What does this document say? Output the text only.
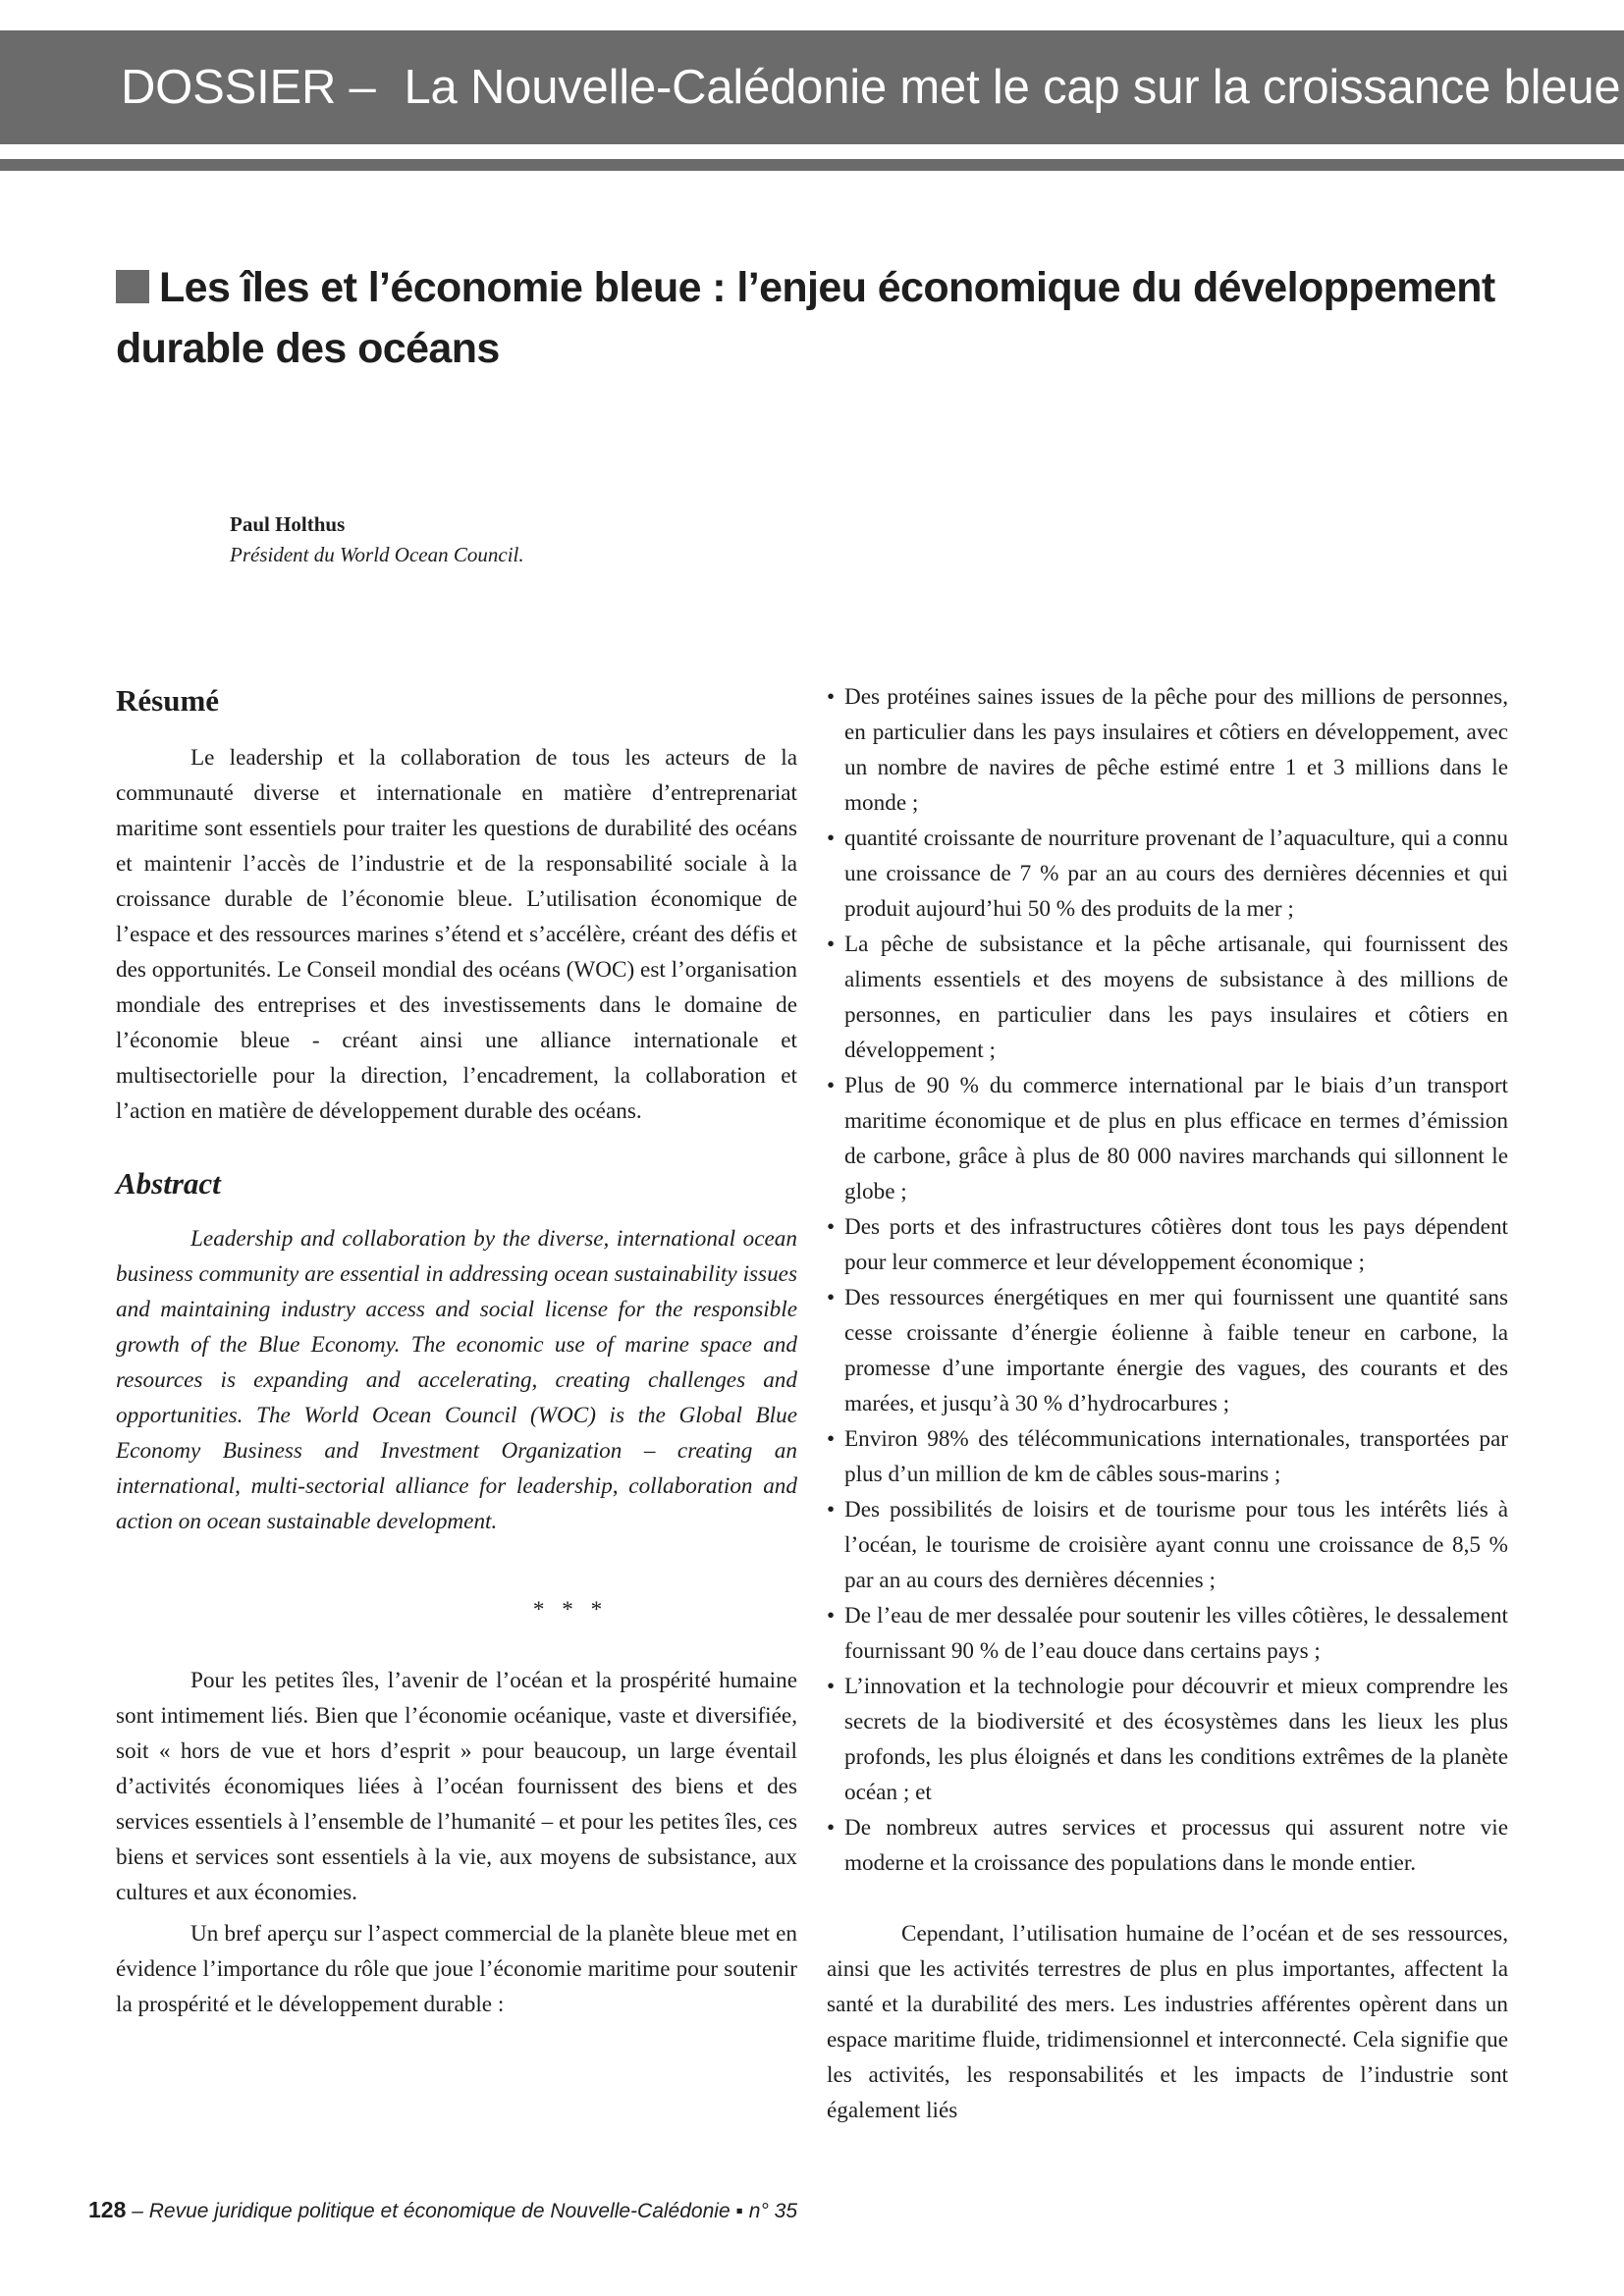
DOSSIER – La Nouvelle-Calédonie met le cap sur la croissance bleue
Les îles et l’économie bleue : l’enjeu économique du développement durable des océans

Paul Holthus

Président du World Ocean Council.

Résumé

Le leadership et la collaboration de tous les acteurs de la communauté diverse et internationale en matière d’entreprenariat maritime sont essentiels pour traiter les questions de durabilité des océans et maintenir l’accès de l’industrie et de la responsabilité sociale à la croissance durable de l’économie bleue. L’utilisation économique de l’espace et des ressources marines s’étend et s’accélère, créant des défis et des opportunités. Le Conseil mondial des océans (WOC) est l’organisation mondiale des entreprises et des investissements dans le domaine de l’économie bleue - créant ainsi une alliance internationale et multisectorielle pour la direction, l’encadrement, la collaboration et l’action en matière de développement durable des océans.

Abstract

Leadership and collaboration by the diverse, international ocean business community are essential in addressing ocean sustainability issues and maintaining industry access and social license for the responsible growth of the Blue Economy. The economic use of marine space and resources is expanding and accelerating, creating challenges and opportunities. The World Ocean Council (WOC) is the Global Blue Economy Business and Investment Organization – creating an international, multi-sectorial alliance for leadership, collaboration and action on ocean sustainable development.

* * *

Pour les petites îles, l’avenir de l’océan et la prospérité humaine sont intimement liés. Bien que l’économie océanique, vaste et diversifiée, soit « hors de vue et hors d’esprit » pour beaucoup, un large éventail d’activités économiques liées à l’océan fournissent des biens et des services essentiels à l’ensemble de l’humanité – et pour les petites îles, ces biens et services sont essentiels à la vie, aux moyens de subsistance, aux cultures et aux économies.

Un bref aperçu sur l’aspect commercial de la planète bleue met en évidence l’importance du rôle que joue l’économie maritime pour soutenir la prospérité et le développement durable :

• Des protéines saines issues de la pêche pour des millions de personnes, en particulier dans les pays insulaires et côtiers en développement, avec un nombre de navires de pêche estimé entre 1 et 3 millions dans le monde ;
• quantité croissante de nourriture provenant de l’aquaculture, qui a connu une croissance de 7 % par an au cours des dernières décennies et qui produit aujourd’hui 50 % des produits de la mer ;
• La pêche de subsistance et la pêche artisanale, qui fournissent des aliments essentiels et des moyens de subsistance à des millions de personnes, en particulier dans les pays insulaires et côtiers en développement ;
• Plus de 90 % du commerce international par le biais d’un transport maritime économique et de plus en plus efficace en termes d’émission de carbone, grâce à plus de 80 000 navires marchands qui sillonnent le globe ;
• Des ports et des infrastructures côtières dont tous les pays dépendent pour leur commerce et leur développement économique ;
• Des ressources énergétiques en mer qui fournissent une quantité sans cesse croissante d’énergie éolienne à faible teneur en carbone, la promesse d’une importante énergie des vagues, des courants et des marées, et jusqu’à 30 % d’hydrocarbures ;
• Environ 98% des télécommunications internationales, transportées par plus d’un million de km de câbles sous-marins ;
• Des possibilités de loisirs et de tourisme pour tous les intérêts liés à l’océan, le tourisme de croisière ayant connu une croissance de 8,5 % par an au cours des dernières décennies ;
• De l’eau de mer dessalée pour soutenir les villes côtières, le dessalement fournissant 90 % de l’eau douce dans certains pays ;
• L’innovation et la technologie pour découvrir et mieux comprendre les secrets de la biodiversité et des écosystèmes dans les lieux les plus profonds, les plus éloignés et dans les conditions extrêmes de la planète océan ; et
• De nombreux autres services et processus qui assurent notre vie moderne et la croissance des populations dans le monde entier.

Cependant, l’utilisation humaine de l’océan et de ses ressources, ainsi que les activités terrestres de plus en plus importantes, affectent la santé et la durabilité des mers. Les industries afférentes opèrent dans un espace maritime fluide, tridimensionnel et interconnecté. Cela signifie que les activités, les responsabilités et les impacts de l’industrie sont également liés

128 – Revue juridique politique et économique de Nouvelle-Calédonie ▪ n° 35
